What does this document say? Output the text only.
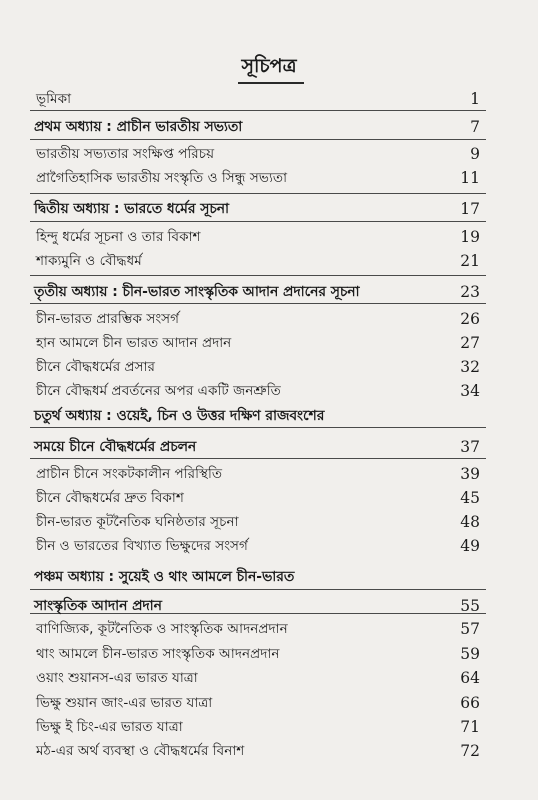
সূচিপত্র
ভূমিকা	1
প্রথম অধ্যায় : প্রাচীন ভারতীয় সভ্যতা	7
ভারতীয় সভ্যতার সংক্ষিপ্ত পরিচয়	9
প্রাগৈতিহাসিক ভারতীয় সংস্কৃতি ও সিন্ধু সভ্যতা	11
দ্বিতীয় অধ্যায় : ভারতে ধর্মের সূচনা	17
হিন্দু ধর্মের সূচনা ও তার বিকাশ	19
শাক্যমুনি ও বৌদ্ধধর্ম	21
তৃতীয় অধ্যায় : চীন-ভারত সাংস্কৃতিক আদান প্রদানের সূচনা	23
চীন-ভারত প্রারম্ভিক সংসর্গ	26
হান আমলে চীন ভারত আদান প্রদান	27
চীনে বৌদ্ধধর্মের প্রসার	32
চীনে বৌদ্ধধর্ম প্রবর্তনের অপর একটি জনশ্রুতি	34
চতুর্থ অধ্যায় : ওয়েই, চিন ও উত্তর দক্ষিণ রাজবংশের
সময়ে চীনে বৌদ্ধধর্মের প্রচলন	37
প্রাচীন চীনে সংকটকালীন পরিস্থিতি	39
চীনে বৌদ্ধধর্মের দ্রুত বিকাশ	45
চীন-ভারত কূটনৈতিক ঘনিষ্ঠতার সূচনা	48
চীন ও ভারতের বিখ্যাত ভিক্ষুদের সংসর্গ	49
পঞ্চম অধ্যায় : সুয়েই ও থাং আমলে চীন-ভারত
সাংস্কৃতিক আদান প্রদান	55
বাণিজ্যিক, কূটনৈতিক ও সাংস্কৃতিক আদনপ্রদান	57
থাং আমলে চীন-ভারত সাংস্কৃতিক আদনপ্রদান	59
ওয়াং শুয়ানস-এর ভারত যাত্রা	64
ভিক্ষু শুয়ান জাং-এর ভারত যাত্রা	66
ভিক্ষু ই চিং-এর ভারত যাত্রা	71
মঠ-এর অর্থ ব্যবস্থা ও বৌদ্ধধর্মের বিনাশ	72
